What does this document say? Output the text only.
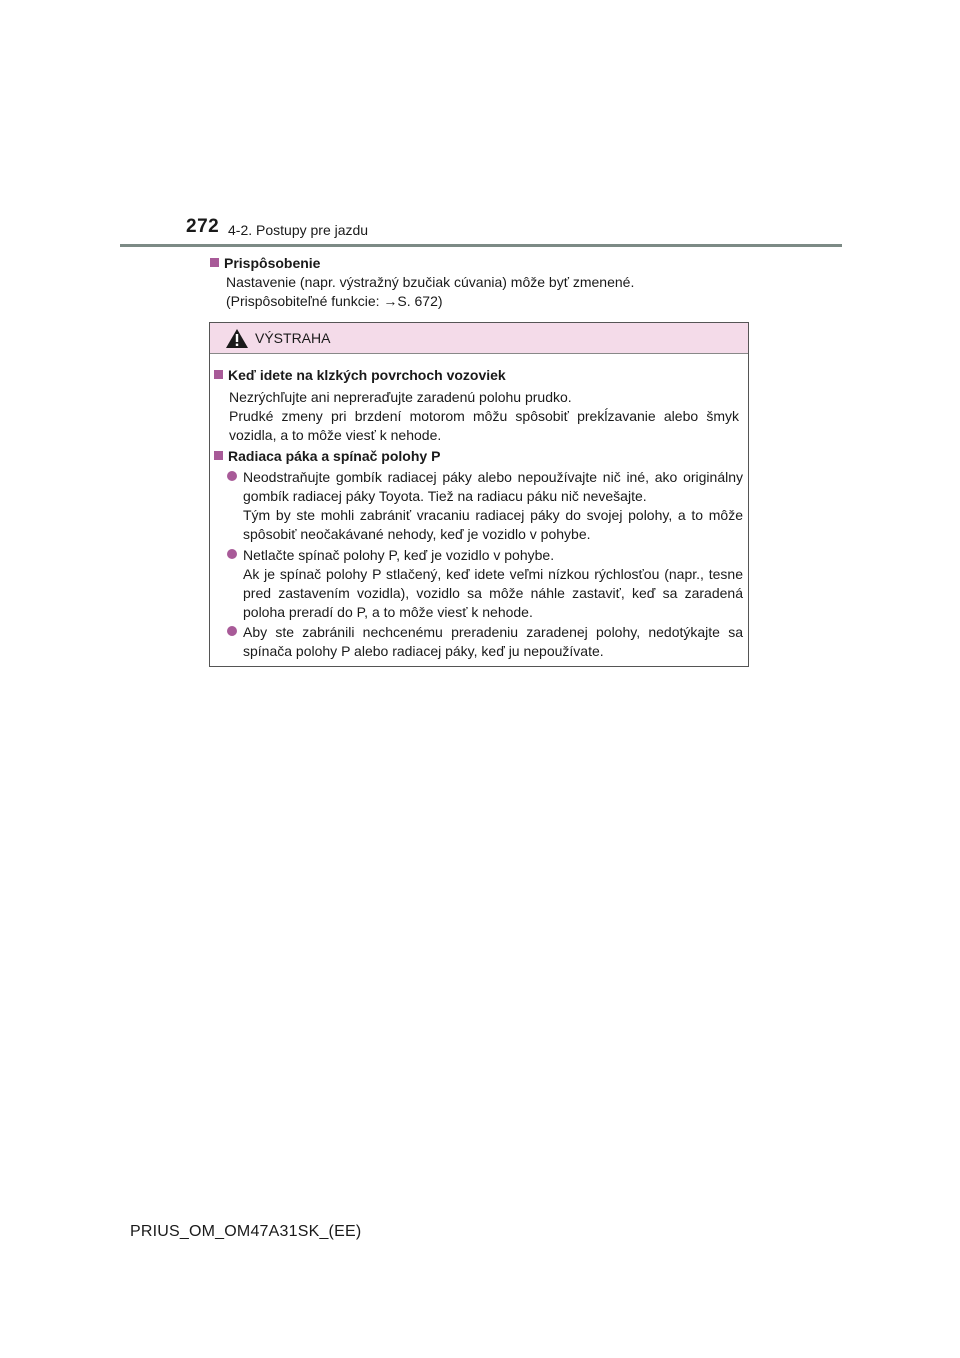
272 4-2. Postupy pre jazdu
Prispôsobenie
Nastavenie (napr. výstražný bzučiak cúvania) môže byť zmenené.
(Prispôsobiteľné funkcie: →S. 672)
VÝSTRAHA
Keď idete na klzkých povrchoch vozoviek
Nezrýchľujte ani nepreraďujte zaradenú polohu prudko.
Prudké zmeny pri brzdení motorom môžu spôsobiť prekĺzavanie alebo šmyk vozidla, a to môže viesť k nehode.
Radiaca páka a spínač polohy P
Neodstraňujte gombík radiacej páky alebo nepoužívajte nič iné, ako originálny gombík radiacej páky Toyota. Tiež na radiacu páku nič nevešajte.
Tým by ste mohli zabrániť vracaniu radiacej páky do svojej polohy, a to môže spôsobiť neočakávané nehody, keď je vozidlo v pohybe.
Netlačte spínač polohy P, keď je vozidlo v pohybe.
Ak je spínač polohy P stlačený, keď idete veľmi nízkou rýchlosťou (napr., tesne pred zastavením vozidla), vozidlo sa môže náhle zastaviť, keď sa zaradená poloha preradí do P, a to môže viesť k nehode.
Aby ste zabránili nechcenému preradeniu zaradenej polohy, nedotýkajte sa spínača polohy P alebo radiacej páky, keď ju nepoužívate.
PRIUS_OM_OM47A31SK_(EE)
